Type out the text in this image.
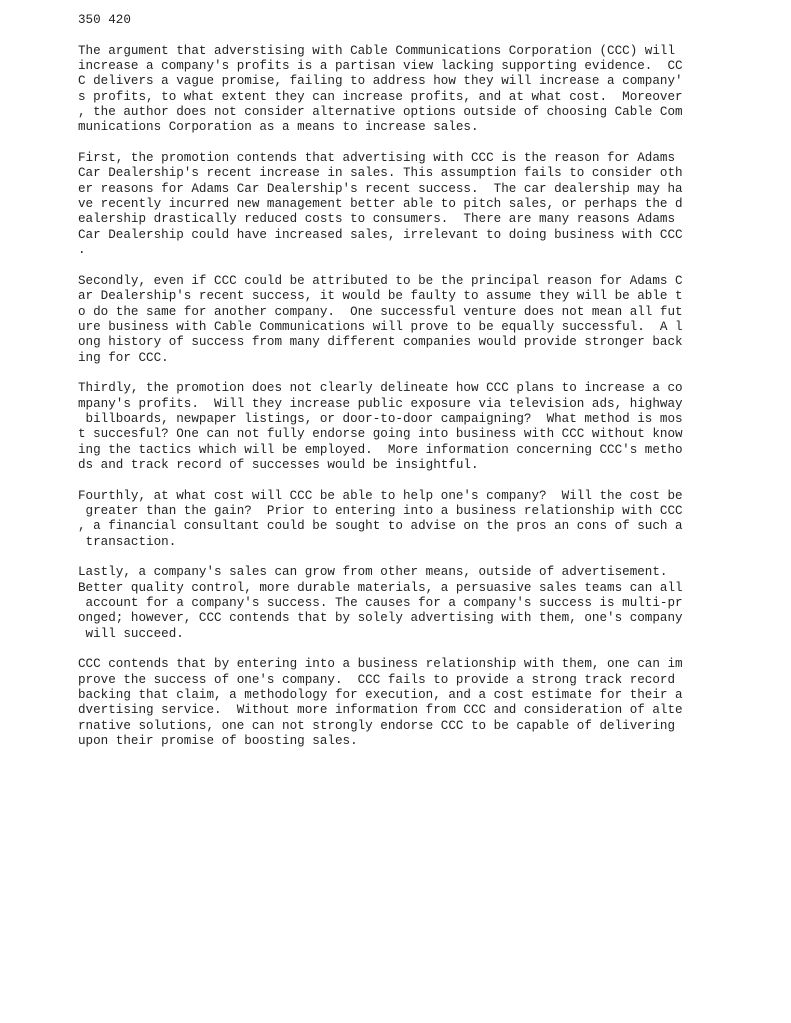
350 420
The argument that adverstising with Cable Communications Corporation (CCC) will
increase a company's profits is a partisan view lacking supporting evidence.  CC
C delivers a vague promise, failing to address how they will increase a company'
s profits, to what extent they can increase profits, and at what cost.  Moreover
, the author does not consider alternative options outside of choosing Cable Com
munications Corporation as a means to increase sales.
First, the promotion contends that advertising with CCC is the reason for Adams
Car Dealership's recent increase in sales. This assumption fails to consider oth
er reasons for Adams Car Dealership's recent success.  The car dealership may ha
ve recently incurred new management better able to pitch sales, or perhaps the d
ealership drastically reduced costs to consumers.  There are many reasons Adams
Car Dealership could have increased sales, irrelevant to doing business with CCC
.
Secondly, even if CCC could be attributed to be the principal reason for Adams C
ar Dealership's recent success, it would be faulty to assume they will be able t
o do the same for another company.  One successful venture does not mean all fut
ure business with Cable Communications will prove to be equally successful.  A l
ong history of success from many different companies would provide stronger back
ing for CCC.
Thirdly, the promotion does not clearly delineate how CCC plans to increase a co
mpany's profits.  Will they increase public exposure via television ads, highway
billboards, newpaper listings, or door-to-door campaigning?  What method is mos
t succesful? One can not fully endorse going into business with CCC without know
ing the tactics which will be employed.  More information concerning CCC's metho
ds and track record of successes would be insightful.
Fourthly, at what cost will CCC be able to help one's company?  Will the cost be
greater than the gain?  Prior to entering into a business relationship with CCC
, a financial consultant could be sought to advise on the pros an cons of such a
transaction.
Lastly, a company's sales can grow from other means, outside of advertisement.
Better quality control, more durable materials, a persuasive sales teams can all
account for a company's success. The causes for a company's success is multi-pr
onged; however, CCC contends that by solely advertising with them, one's company
will succeed.
CCC contends that by entering into a business relationship with them, one can im
prove the success of one's company.  CCC fails to provide a strong track record
backing that claim, a methodology for execution, and a cost estimate for their a
dvertising service.  Without more information from CCC and consideration of alte
rnative solutions, one can not strongly endorse CCC to be capable of delivering
upon their promise of boosting sales.
